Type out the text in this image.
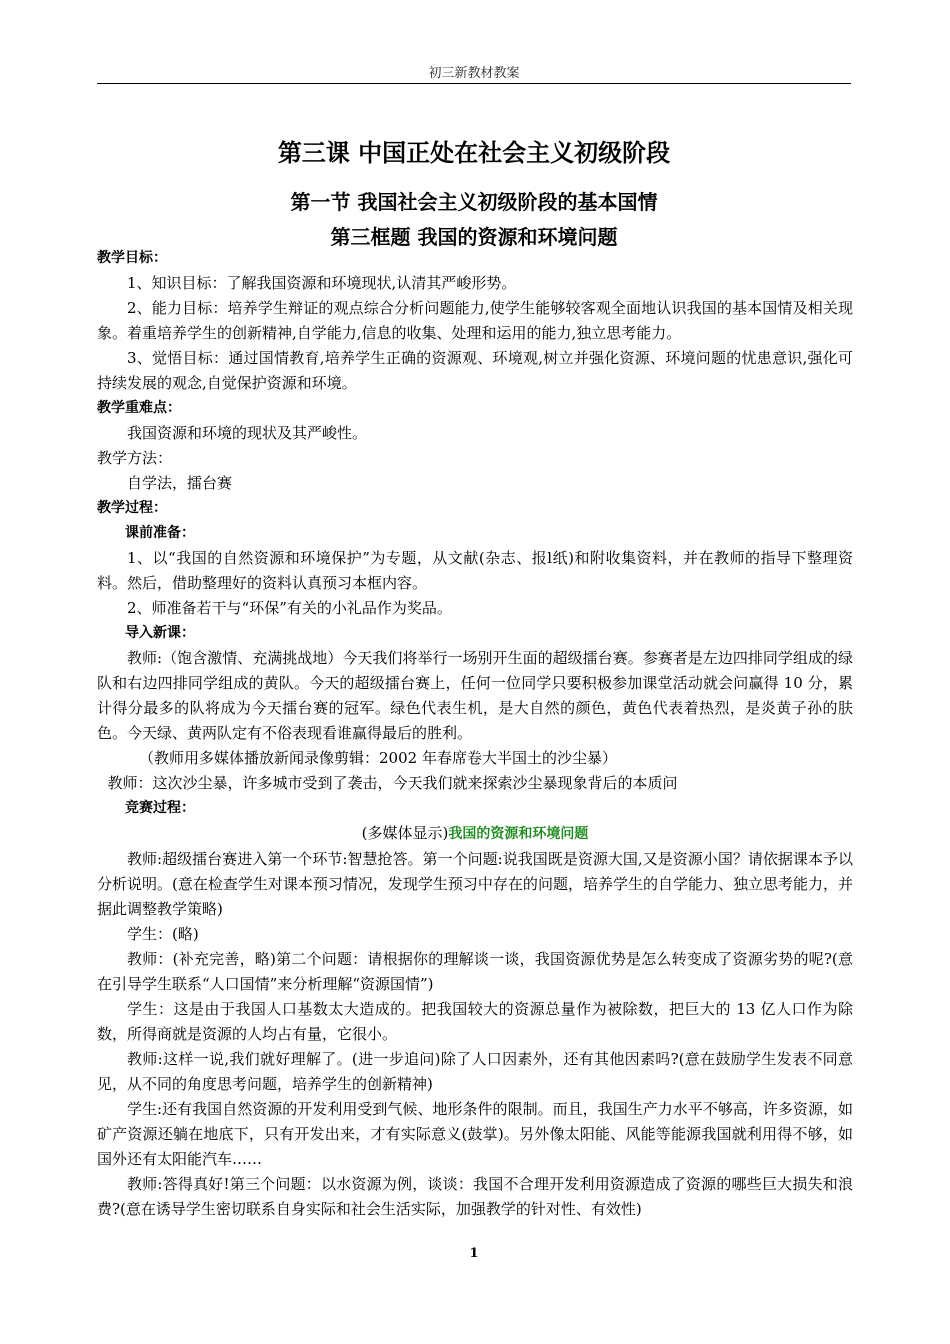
初三新教材教案
第三课 中国正处在社会主义初级阶段
第一节 我国社会主义初级阶段的基本国情
第三框题 我国的资源和环境问题

教学目标：

1、知识目标：了解我国资源和环境现状,认清其严峻形势。

2、能力目标：培养学生辩证的观点综合分析问题能力,使学生能够较客观全面地认识我国的基本国情及相关现象。着重培养学生的创新精神,自学能力,信息的收集、处理和运用的能力,独立思考能力。

3、觉悟目标：通过国情教育,培养学生正确的资源观、环境观,树立并强化资源、环境问题的忧患意识,强化可持续发展的观念,自觉保护资源和环境。

教学重难点：

我国资源和环境的现状及其严峻性。

教学方法：

自学法，擂台赛

教学过程：

课前准备：

1、以“我国的自然资源和环境保护”为专题，从文献(杂志、报l纸)和附收集资料，并在教师的指导下整理资料。然后，借助整理好的资料认真预习本框内容。

2、师准备若干与“环保”有关的小礼品作为奖品。

导入新课：

教师:（饱含激情、充满挑战地）今天我们将举行一场别开生面的超级擂台赛。参赛者是左边四排同学组成的绿队和右边四排同学组成的黄队。今天的超级擂台赛上，任何一位同学只要积极参加课堂活动就会问赢得 10 分，累计得分最多的队将成为今天擂台赛的冠军。绿色代表生机，是大自然的颜色，黄色代表着热烈，是炎黄子孙的肤色。今天绿、黄两队定有不俗表现看谁赢得最后的胜利。

（教师用多媒体播放新闻录像剪辑：2002 年春席卷大半国土的沙尘暴）

教师：这次沙尘暴，许多城市受到了袭击，今天我们就来探索沙尘暴现象背后的本质问

竞赛过程：

(多媒体显示)我国的资源和环境问题

教师:超级擂台赛进入第一个环节:智慧抢答。第一个问题:说我国既是资源大国,又是资源小国？请依据课本予以分析说明。(意在检查学生对课本预习情况，发现学生预习中存在的问题，培养学生的自学能力、独立思考能力，并据此调整教学策略)

学生：(略)

教师：(补充完善，略)第二个问题：请根据你的理解谈一谈，我国资源优势是怎么转变成了资源劣势的呢?(意在引导学生联系“人口国情”来分析理解“资源国情”)

学生：这是由于我国人口基数太大造成的。把我国较大的资源总量作为被除数，把巨大的 13 亿人口作为除数，所得商就是资源的人均占有量，它很小。

教师:这样一说,我们就好理解了。(进一步追问)除了人口因素外，还有其他因素吗?(意在鼓励学生发表不同意见，从不同的角度思考问题，培养学生的创新精神)

学生:还有我国自然资源的开发利用受到气候、地形条件的限制。而且，我国生产力水平不够高，许多资源，如矿产资源还躺在地底下，只有开发出来，才有实际意义(鼓掌)。另外像太阳能、风能等能源我国就利用得不够，如国外还有太阳能汽车……

教师:答得真好!第三个问题：以水资源为例，谈谈：我国不合理开发利用资源造成了资源的哪些巨大损失和浪费?(意在诱导学生密切联系自身实际和社会生活实际，加强教学的针对性、有效性)

1
